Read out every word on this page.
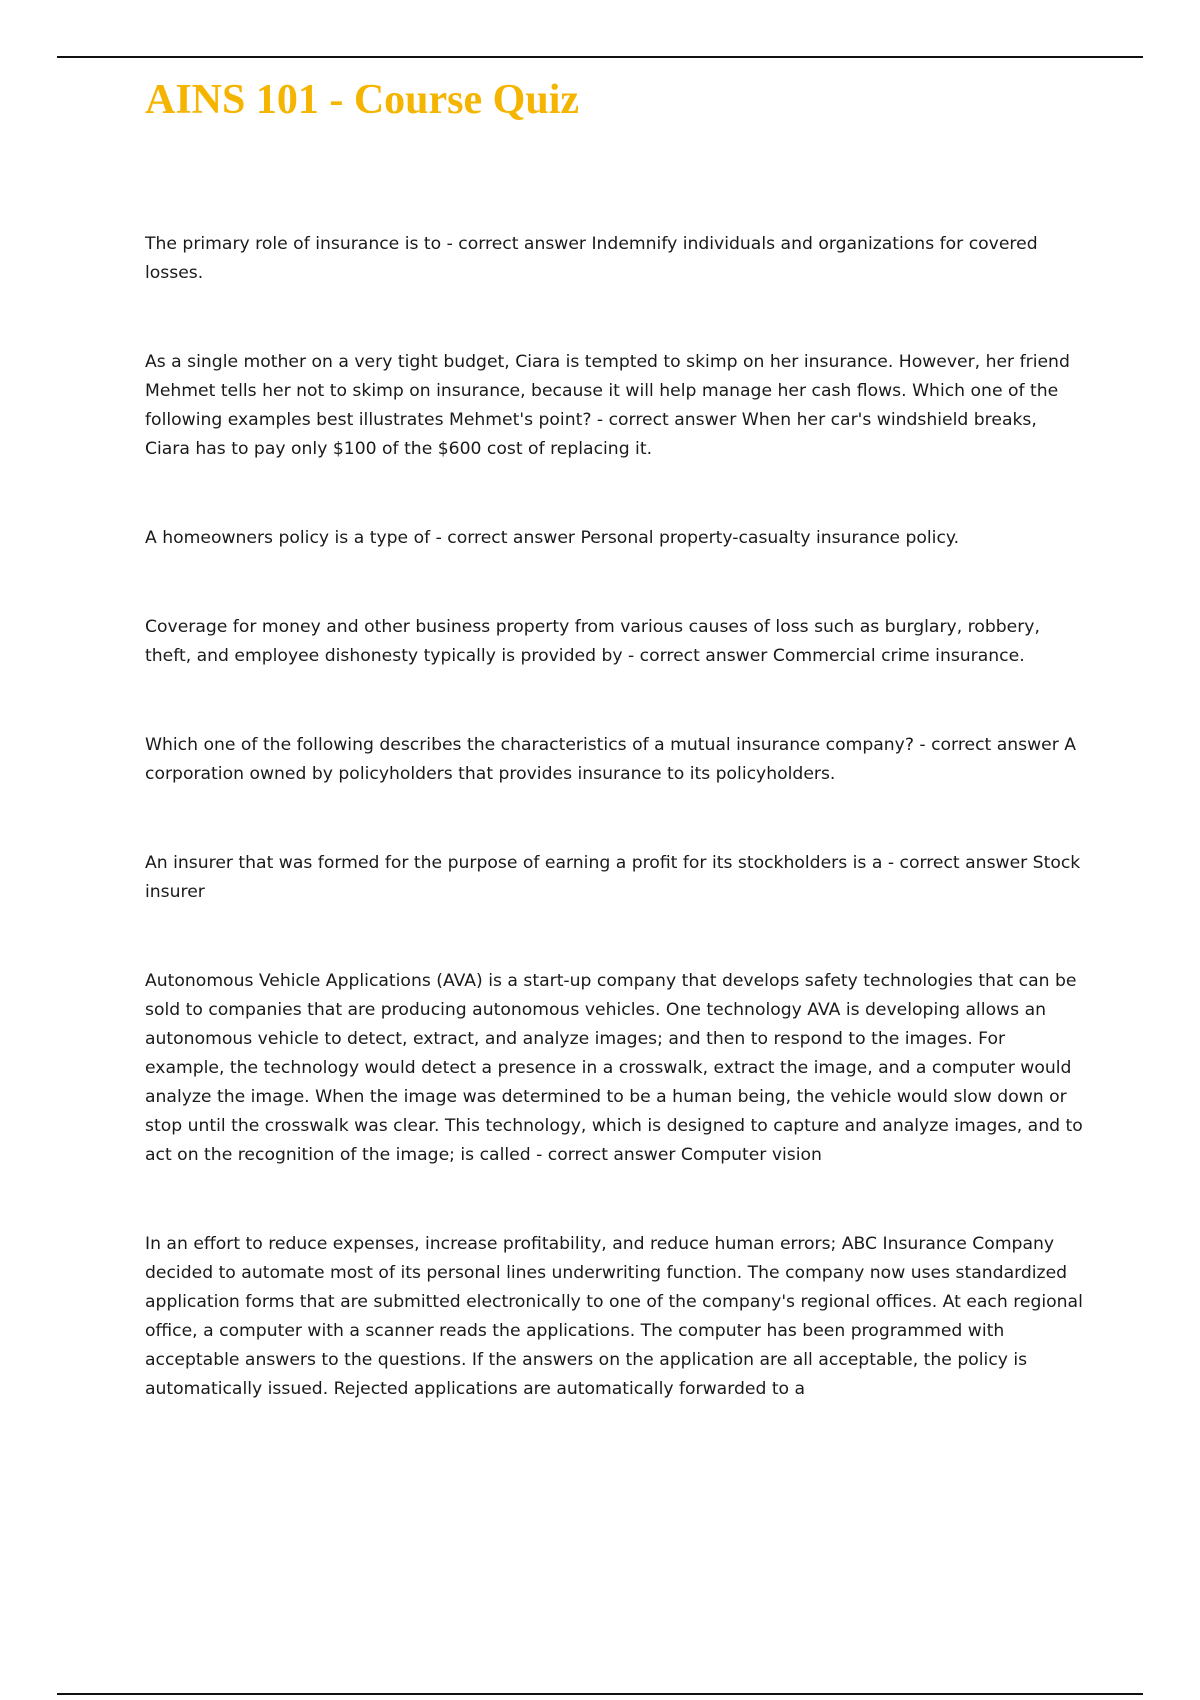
AINS 101 - Course Quiz

The primary role of insurance is to - correct answer Indemnify individuals and organizations for covered losses.

As a single mother on a very tight budget, Ciara is tempted to skimp on her insurance. However, her friend Mehmet tells her not to skimp on insurance, because it will help manage her cash flows. Which one of the following examples best illustrates Mehmet's point? - correct answer When her car's windshield breaks, Ciara has to pay only $100 of the $600 cost of replacing it.

A homeowners policy is a type of - correct answer Personal property-casualty insurance policy.

Coverage for money and other business property from various causes of loss such as burglary, robbery, theft, and employee dishonesty typically is provided by - correct answer Commercial crime insurance.

Which one of the following describes the characteristics of a mutual insurance company? - correct answer A corporation owned by policyholders that provides insurance to its policyholders.

An insurer that was formed for the purpose of earning a profit for its stockholders is a - correct answer Stock insurer

Autonomous Vehicle Applications (AVA) is a start-up company that develops safety technologies that can be sold to companies that are producing autonomous vehicles. One technology AVA is developing allows an autonomous vehicle to detect, extract, and analyze images; and then to respond to the images. For example, the technology would detect a presence in a crosswalk, extract the image, and a computer would analyze the image. When the image was determined to be a human being, the vehicle would slow down or stop until the crosswalk was clear. This technology, which is designed to capture and analyze images, and to act on the recognition of the image; is called - correct answer Computer vision

In an effort to reduce expenses, increase profitability, and reduce human errors; ABC Insurance Company decided to automate most of its personal lines underwriting function. The company now uses standardized application forms that are submitted electronically to one of the company's regional offices. At each regional office, a computer with a scanner reads the applications. The computer has been programmed with acceptable answers to the questions. If the answers on the application are all acceptable, the policy is automatically issued. Rejected applications are automatically forwarded to a
